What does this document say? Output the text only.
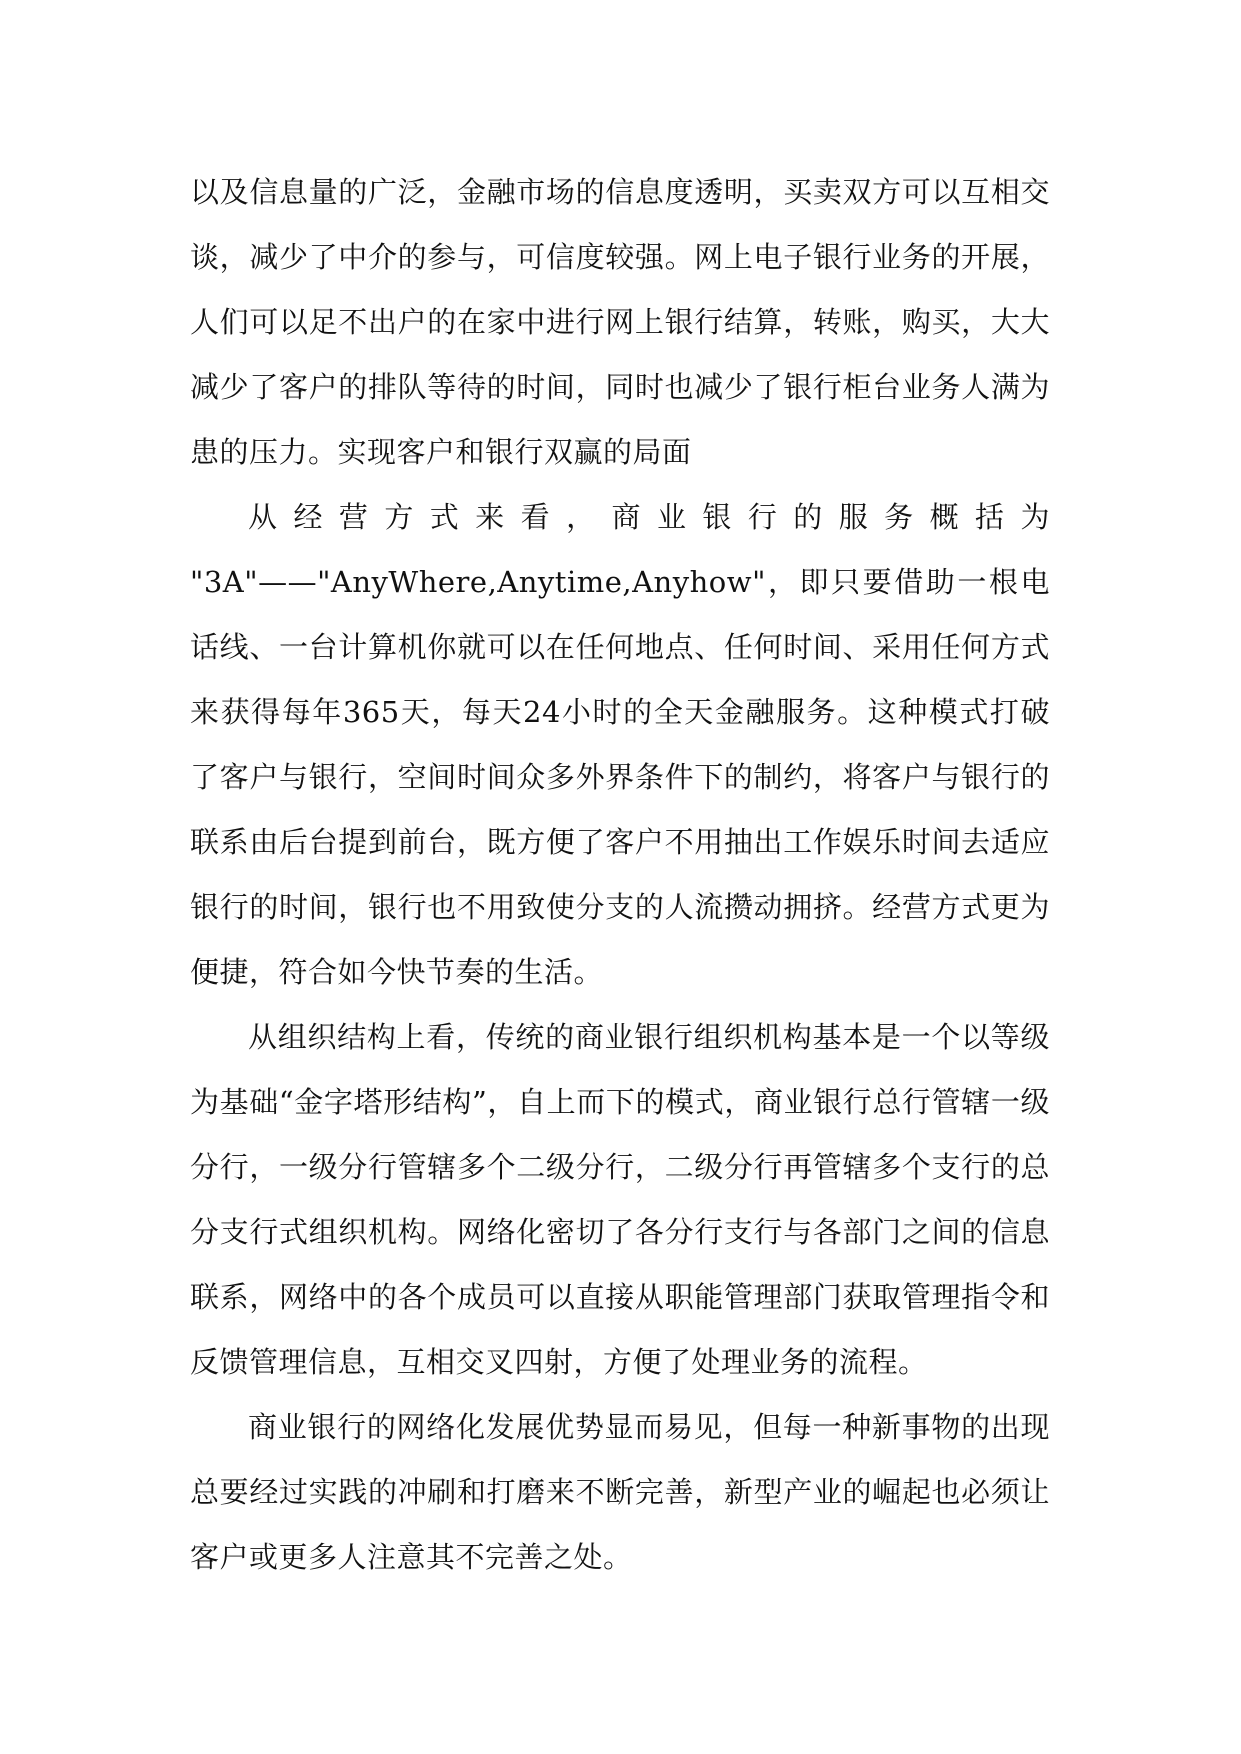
以及信息量的广泛，金融市场的信息度透明，买卖双方可以互相交谈，减少了中介的参与，可信度较强。网上电子银行业务的开展，人们可以足不出户的在家中进行网上银行结算，转账，购买，大大减少了客户的排队等待的时间，同时也减少了银行柜台业务人满为患的压力。实现客户和银行双赢的局面

从经营方式来看，商业银行的服务概括为

"3A"——"AnyWhere,Anytime,Anyhow"，即只要借助一根电话线、一台计算机你就可以在任何地点、任何时间、采用任何方式来获得每年365天，每天24小时的全天金融服务。这种模式打破了客户与银行，空间时间众多外界条件下的制约，将客户与银行的联系由后台提到前台，既方便了客户不用抽出工作娱乐时间去适应银行的时间，银行也不用致使分支的人流攒动拥挤。经营方式更为便捷，符合如今快节奏的生活。

从组织结构上看，传统的商业银行组织机构基本是一个以等级为基础“金字塔形结构”，自上而下的模式，商业银行总行管辖一级分行，一级分行管辖多个二级分行，二级分行再管辖多个支行的总分支行式组织机构。网络化密切了各分行支行与各部门之间的信息联系，网络中的各个成员可以直接从职能管理部门获取管理指令和反馈管理信息，互相交叉四射，方便了处理业务的流程。

商业银行的网络化发展优势显而易见，但每一种新事物的出现总要经过实践的冲刷和打磨来不断完善，新型产业的崛起也必须让客户或更多人注意其不完善之处。
